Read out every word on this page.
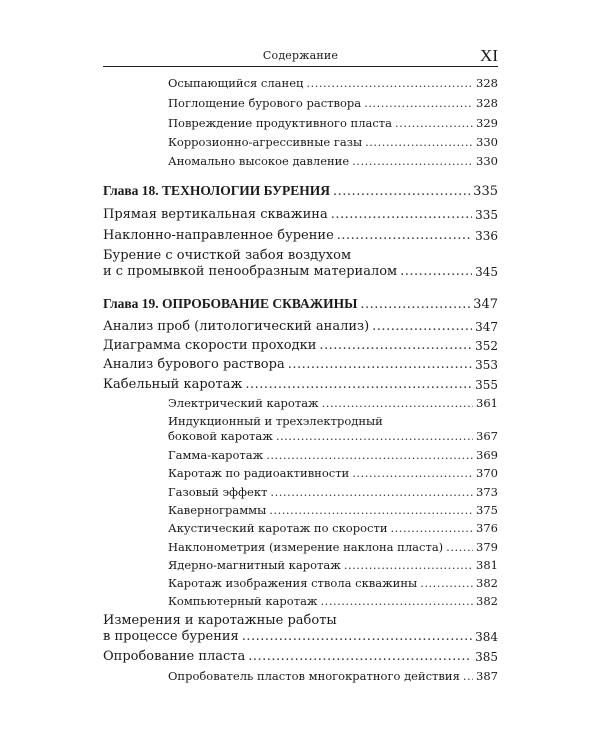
Содержание	XI
Осыпающийся сланец .....	328
Поглощение бурового раствора .....	328
Повреждение продуктивного пласта .....	329
Коррозионно-агрессивные газы .....	330
Аномально высокое давление .....	330
Глава 18. ТЕХНОЛОГИИ БУРЕНИЯ .....	335
Прямая вертикальная скважина .....	335
Наклонно-направленное бурение .....	336
Бурение с очисткой забоя воздухом
и с промывкой пенообразным материалом .....	345
Глава 19. ОПРОБОВАНИЕ СКВАЖИНЫ .....	347
Анализ проб (литологический анализ) .....	347
Диаграмма скорости проходки .....	352
Анализ бурового раствора .....	353
Кабельный каротаж .....	355
Электрический каротаж .....	361
Индукционный и трехэлектродный
боковой каротаж .....	367
Гамма-каротаж .....	369
Каротаж по радиоактивности .....	370
Газовый эффект .....	373
Кавернограммы .....	375
Акустический каротаж по скорости .....	376
Наклонометрия (измерение наклона пласта) .....	379
Ядерно-магнитный каротаж .....	381
Каротаж изображения ствола скважины .....	382
Компьютерный каротаж .....	382
Измерения и каротажные работы
в процессе бурения .....	384
Опробование пласта .....	385
Опробователь пластов многократного действия ..... 387
